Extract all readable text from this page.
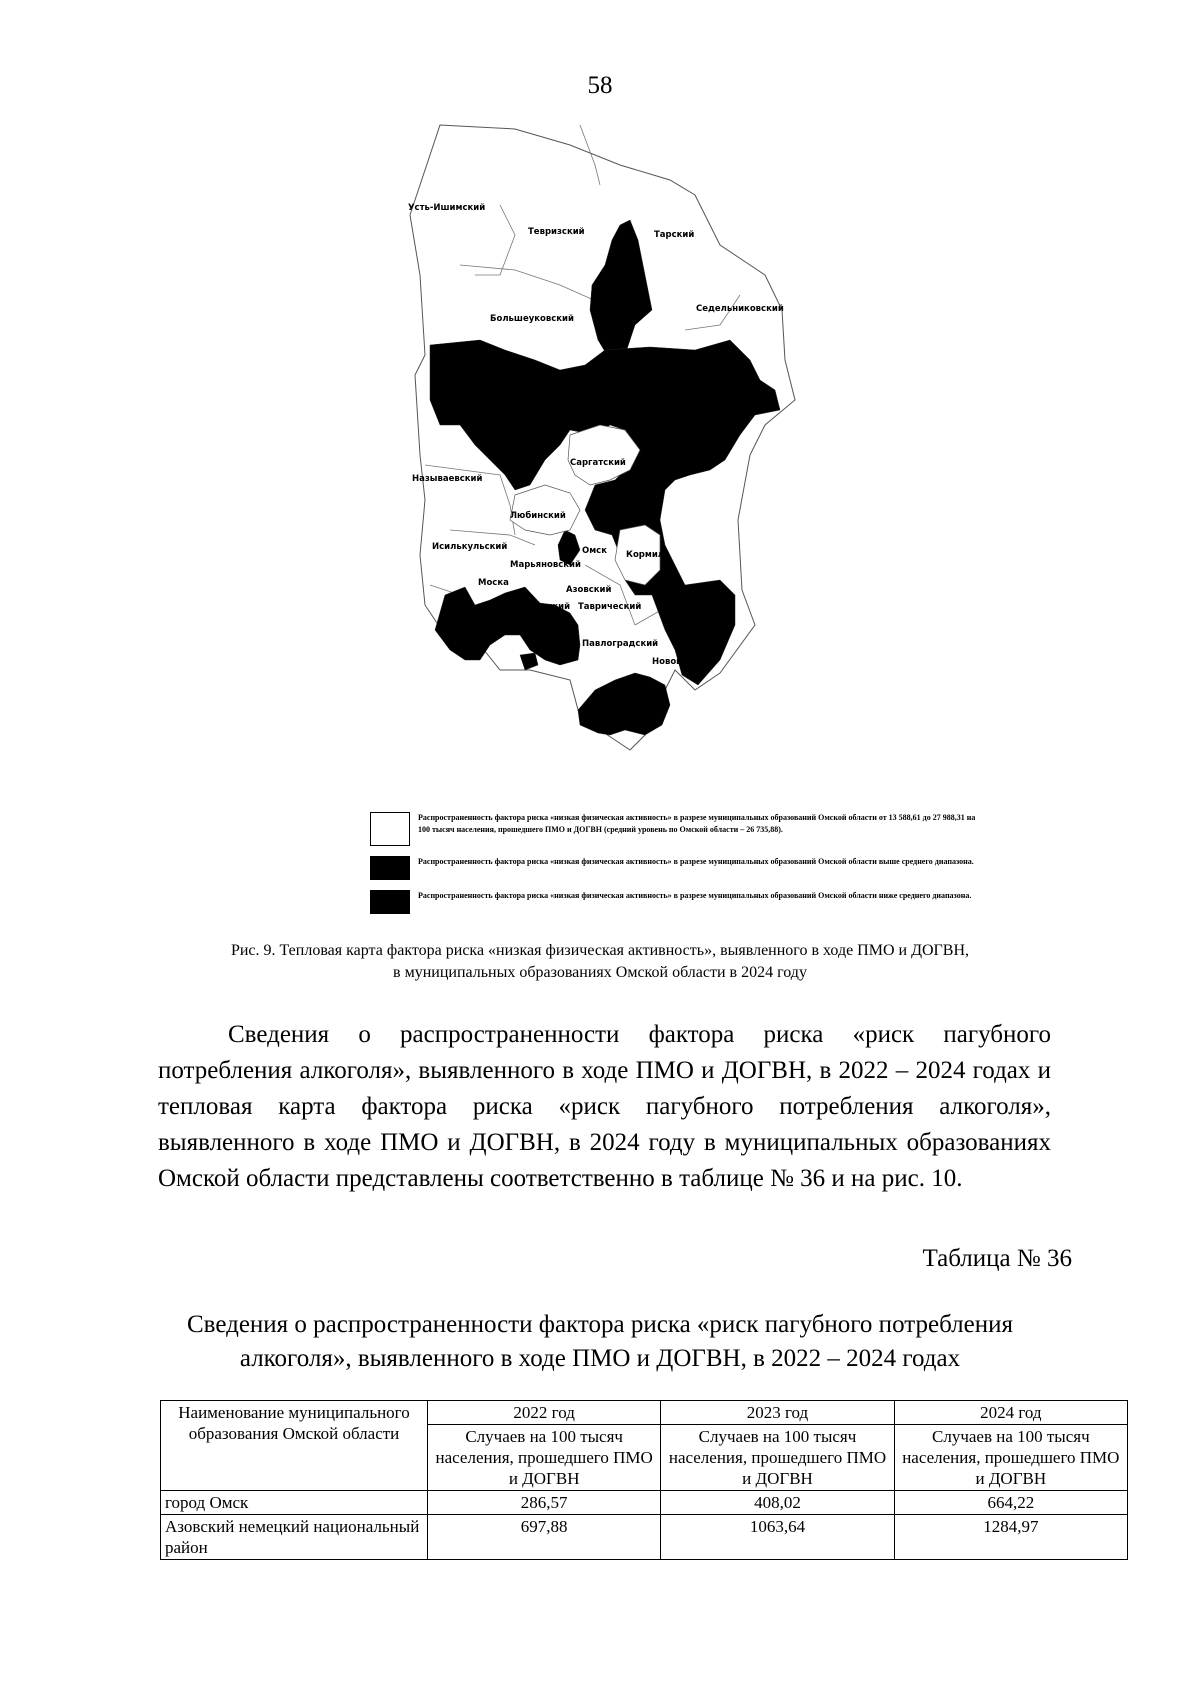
58
Усть-Ишимский
Тевризский	Тарский
Седельниковский
Большеуковский
Саргатский
Называевский
Любинский
Исилькульский	Омск Кормил
Марьяновский
Моска
Азовский
ьский Таврический
Павлоградский
Нововар
Распространенность фактора риска «низкая физическая активность» в разрезе муниципальных образований Омской области от 13 588,61 до 27 988,31 на 100 тысяч населения, прошедшего ПМО и ДОГВН (средний уровень по Омской области – 26 735,88).
Распространенность фактора риска «низкая физическая активность» в разрезе муниципальных образований Омской области выше среднего диапазона.
Распространенность фактора риска «низкая физическая активность» в разрезе муниципальных образований Омской области ниже среднего диапазона.
Рис. 9. Тепловая карта фактора риска «низкая физическая активность», выявленного в ходе ПМО и ДОГВН,
в муниципальных образованиях Омской области в 2024 году
Сведения о распространенности фактора риска «риск пагубного потребления алкоголя», выявленного в ходе ПМО и ДОГВН, в 2022 – 2024 годах и тепловая карта фактора риска «риск пагубного потребления алкоголя», выявленного в ходе ПМО и ДОГВН, в 2024 году в муниципальных образованиях Омской области представлены соответственно в таблице № 36 и на рис. 10.
Таблица № 36
Сведения о распространенности фактора риска «риск пагубного потребления
алкоголя», выявленного в ходе ПМО и ДОГВН, в 2022 – 2024 годах
Наименование муниципального образования Омской области	2022 год	2023 год	2024 год
	Случаев на 100 тысяч населения, прошедшего ПМО и ДОГВН	Случаев на 100 тысяч населения, прошедшего ПМО и ДОГВН	Случаев на 100 тысяч населения, прошедшего ПМО и ДОГВН
город Омск	286,57	408,02	664,22
Азовский немецкий национальный район	697,88	1063,64	1284,97
